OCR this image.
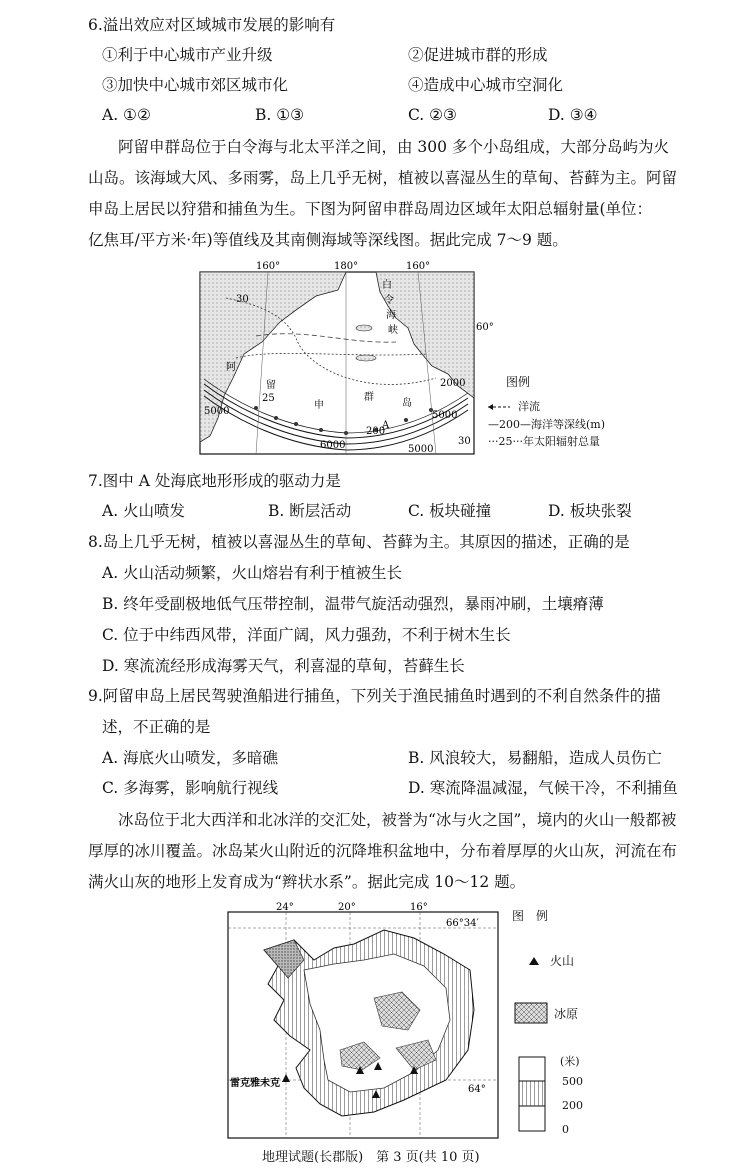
6.溢出效应对区域城市发展的影响有
①利于中心城市产业升级	②促进城市群的形成
③加快中心城市郊区城市化	④造成中心城市空洞化
A. ①②	B. ①③	C. ②③	D. ③④
阿留申群岛位于白令海与北太平洋之间，由 300 多个小岛组成，大部分岛屿为火
山岛。该海域大风、多雨雾，岛上几乎无树，植被以喜湿丛生的草甸、苔藓为主。阿留
申岛上居民以狩猎和捕鱼为生。下图为阿留申群岛周边区域年太阳总辐射量(单位：
亿焦耳/平方米·年)等值线及其南侧海域等深线图。据此完成 7～9 题。
160°	180°	160°
60°
白
令
海
峡
阿
留
申
群
岛
30
25
30
2000
5000	5000
6000	5000
200
A
图例
洋流
—200—海洋等深线(m)
···25···年太阳辐射总量
7.图中 A 处海底地形形成的驱动力是
A. 火山喷发	B. 断层活动	C. 板块碰撞	D. 板块张裂
8.岛上几乎无树，植被以喜湿丛生的草甸、苔藓为主。其原因的描述，正确的是
A. 火山活动频繁，火山熔岩有利于植被生长
B. 终年受副极地低气压带控制，温带气旋活动强烈，暴雨冲刷，土壤瘠薄
C. 位于中纬西风带，洋面广阔，风力强劲，不利于树木生长
D. 寒流流经形成海雾天气，利喜湿的草甸，苔藓生长
9.阿留申岛上居民驾驶渔船进行捕鱼，下列关于渔民捕鱼时遇到的不利自然条件的描
述，不正确的是
A. 海底火山喷发，多暗礁	B. 风浪较大，易翻船，造成人员伤亡
C. 多海雾，影响航行视线	D. 寒流降温减湿，气候干冷，不利捕鱼
冰岛位于北大西洋和北冰洋的交汇处，被誉为“冰与火之国”，境内的火山一般都被
厚厚的冰川覆盖。冰岛某火山附近的沉降堆积盆地中，分布着厚厚的火山灰，河流在布
满火山灰的地形上发育成为“辫状水系”。据此完成 10～12 题。
24°	20°	16°
66°34′
64°
雷克雅未克
图　例
火山
冰原
(米)
500
200
0
地理试题(长郡版)　第 3 页(共 10 页)
